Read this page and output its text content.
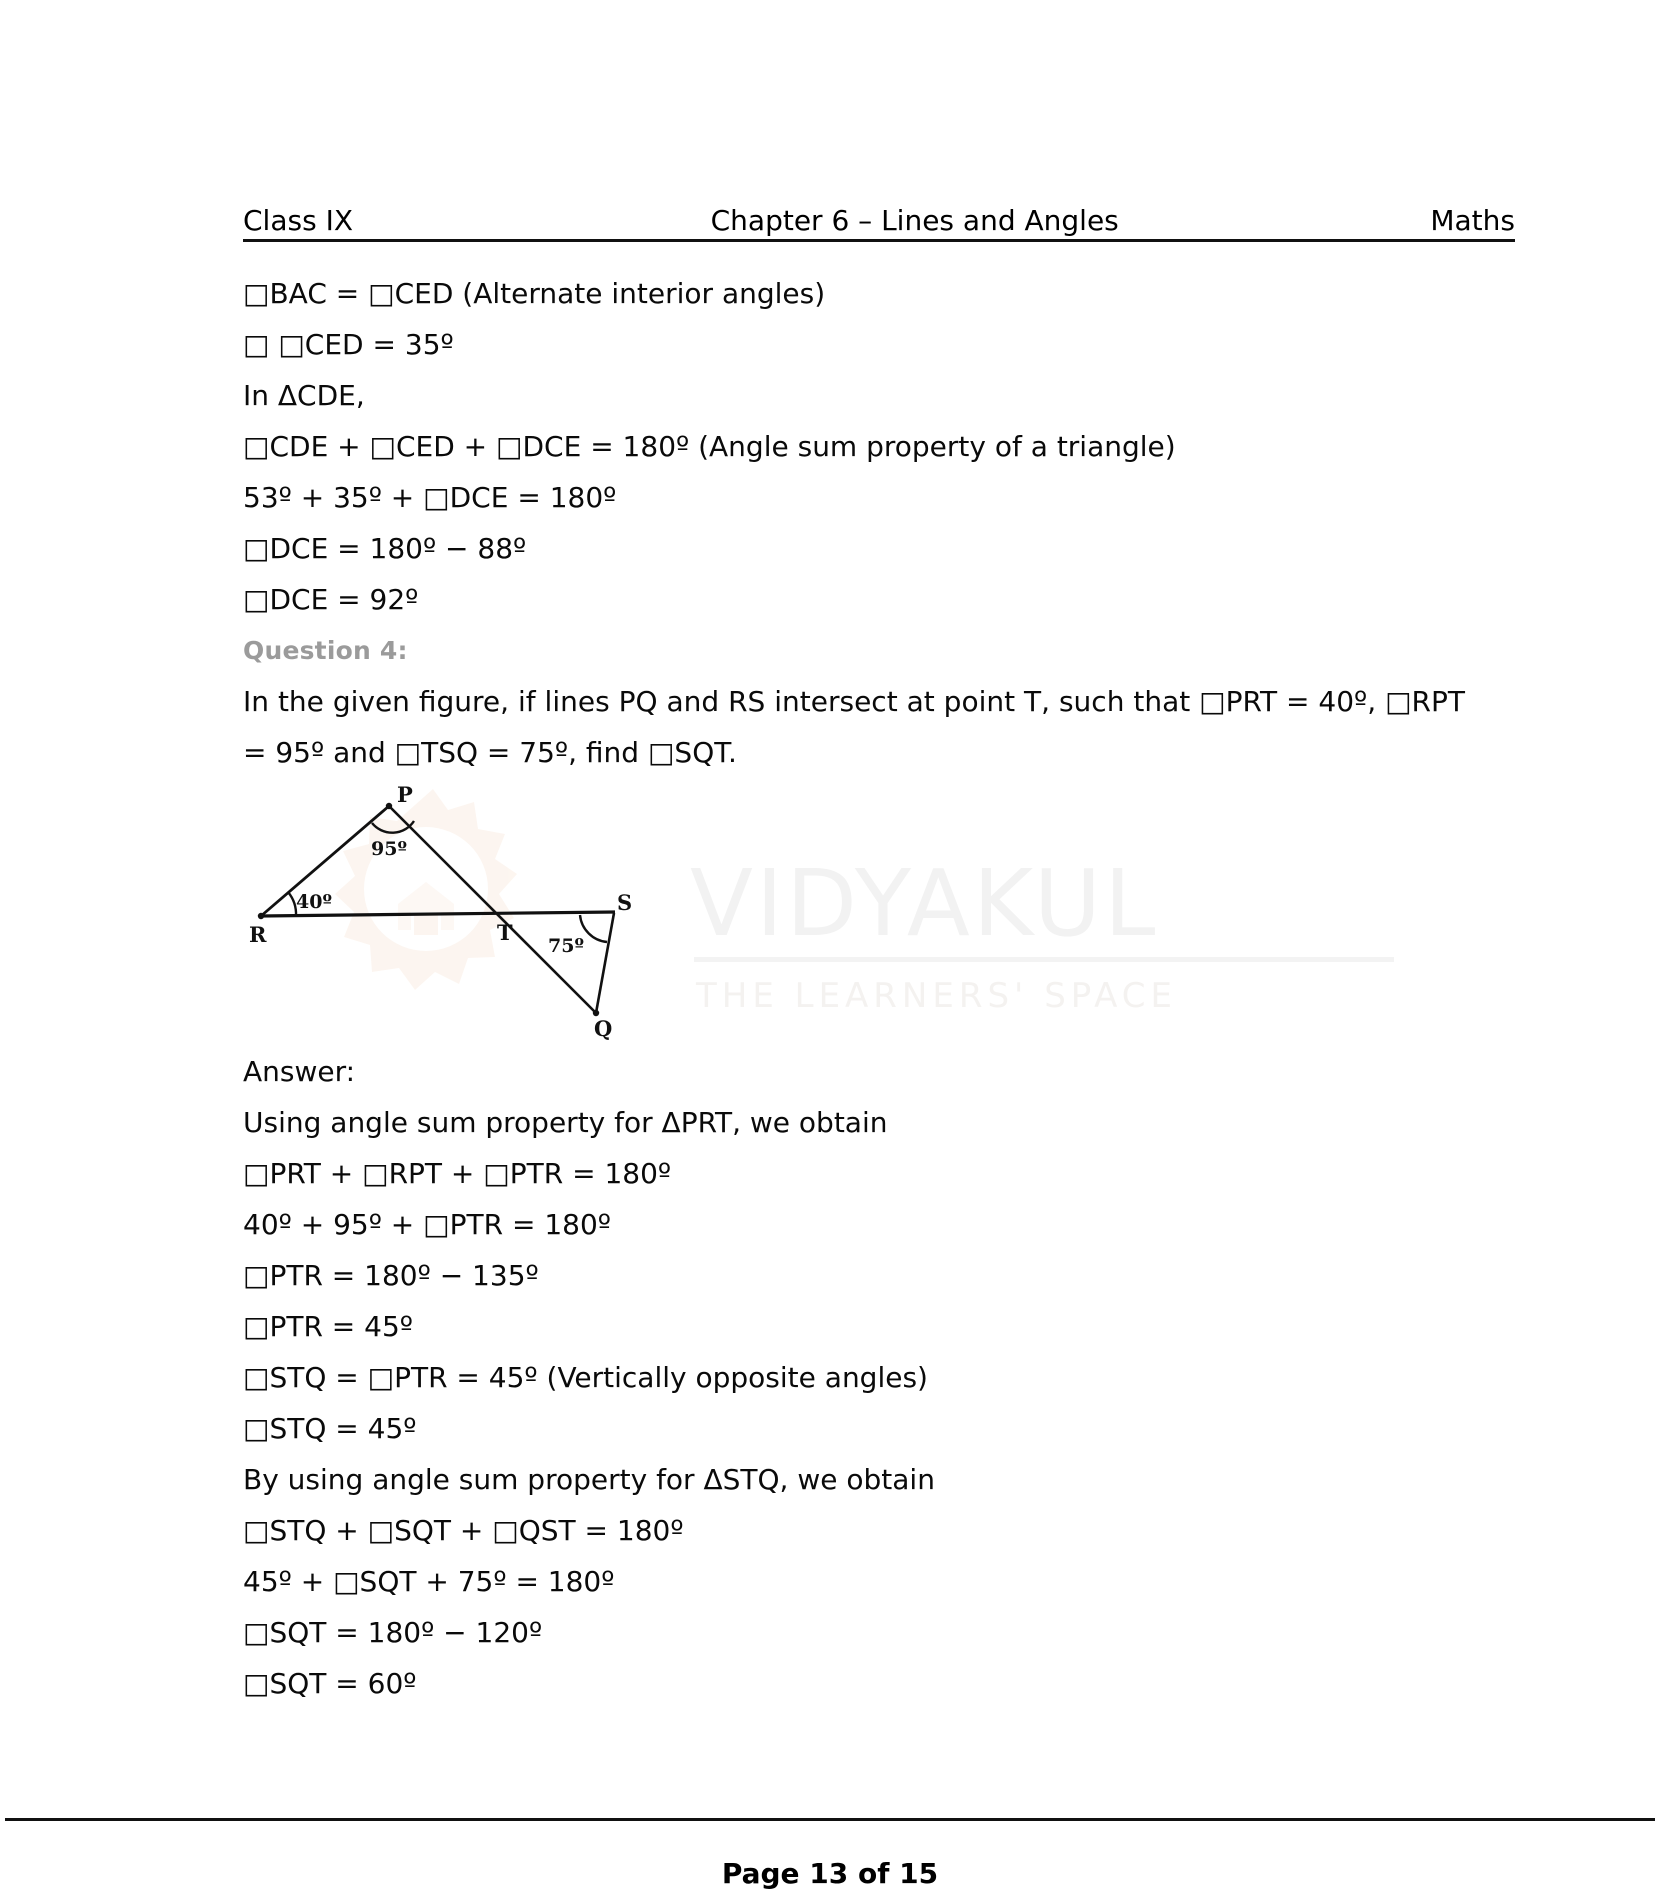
VIDYAKUL
THE LEARNERS' SPACE
Class IX	Chapter 6 – Lines and Angles	Maths
□BAC = □CED (Alternate interior angles)
□ □CED = 35º
In ΔCDE,
□CDE + □CED + □DCE = 180º (Angle sum property of a triangle)
53º + 35º + □DCE = 180º
□DCE = 180º − 88º
□DCE = 92º
Question 4:
In the given figure, if lines PQ and RS intersect at point T, such that □PRT = 40º, □RPT = 95º and □TSQ = 75º, find □SQT.
P
R	T
S
Q
95º
40º
75º
Answer:
Using angle sum property for ΔPRT, we obtain
□PRT + □RPT + □PTR = 180º
40º + 95º + □PTR = 180º
□PTR = 180º − 135º
□PTR = 45º
□STQ = □PTR = 45º (Vertically opposite angles)
□STQ = 45º
By using angle sum property for ΔSTQ, we obtain
□STQ + □SQT + □QST = 180º
45º + □SQT + 75º = 180º
□SQT = 180º − 120º
□SQT = 60º
Page 13 of 15
